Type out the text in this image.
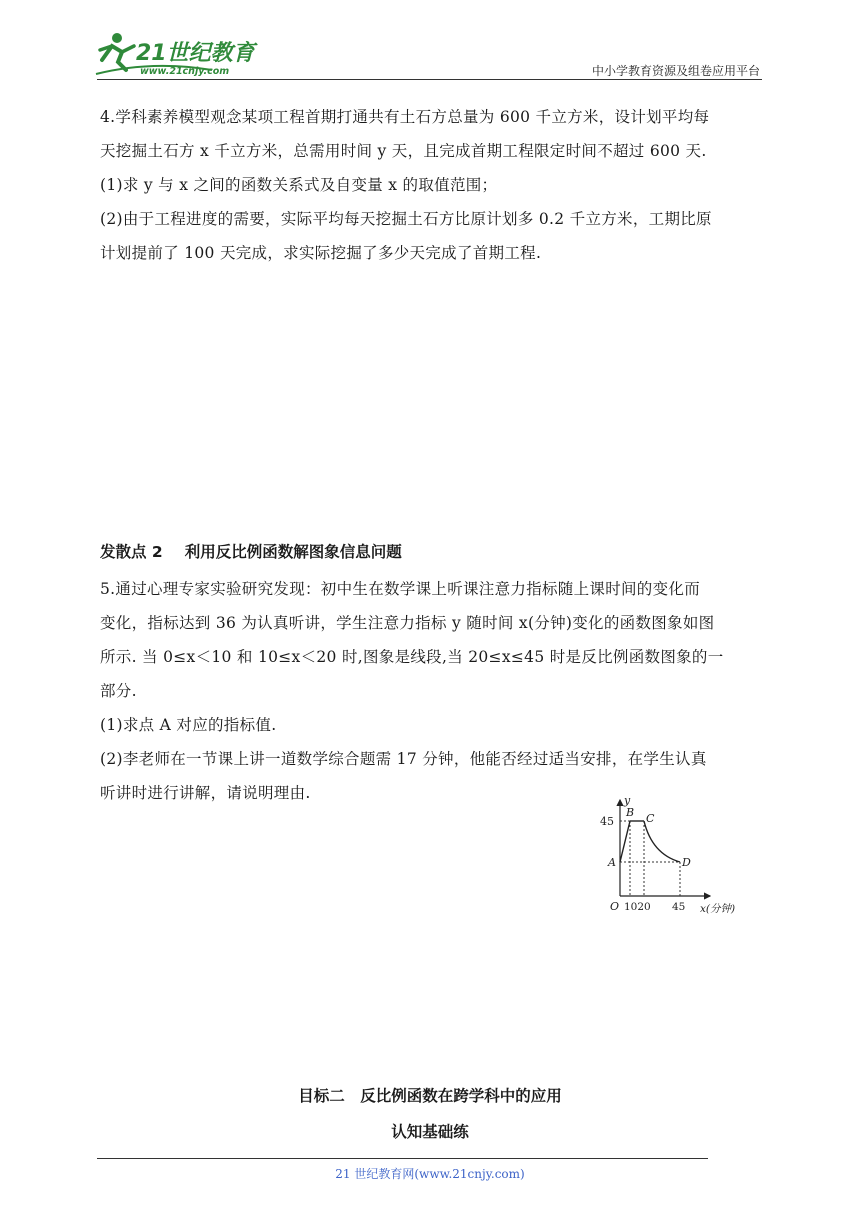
21世纪教育
www.21cnjy.com	中小学教育资源及组卷应用平台

4.学科素养模型观念某项工程首期打通共有土石方总量为 600 千立方米，设计划平均每

天挖掘土石方 x 千立方米，总需用时间 y 天，且完成首期工程限定时间不超过 600 天.

(1)求 y 与 x 之间的函数关系式及自变量 x 的取值范围；

(2)由于工程进度的需要，实际平均每天挖掘土石方比原计划多 0.2 千立方米，工期比原

计划提前了 100 天完成，求实际挖掘了多少天完成了首期工程.

发散点 2 利用反比例函数解图象信息问题

5.通过心理专家实验研究发现：初中生在数学课上听课注意力指标随上课时间的变化而

变化，指标达到 36 为认真听讲，学生注意力指标 y 随时间 x(分钟)变化的函数图象如图

所示. 当 0≤x＜10 和 10≤x＜20 时,图象是线段,当 20≤x≤45 时是反比例函数图象的一

部分.

(1)求点 A 对应的指标值.

(2)李老师在一节课上讲一道数学综合题需 17 分钟，他能否经过适当安排，在学生认真

听讲时进行讲解，请说明理由.	y
45
A
B C
D
O 1020 45 x(分钟)
目标二　反比例函数在跨学科中的应用
认知基础练
21 世纪教育网(www.21cnjy.com)
